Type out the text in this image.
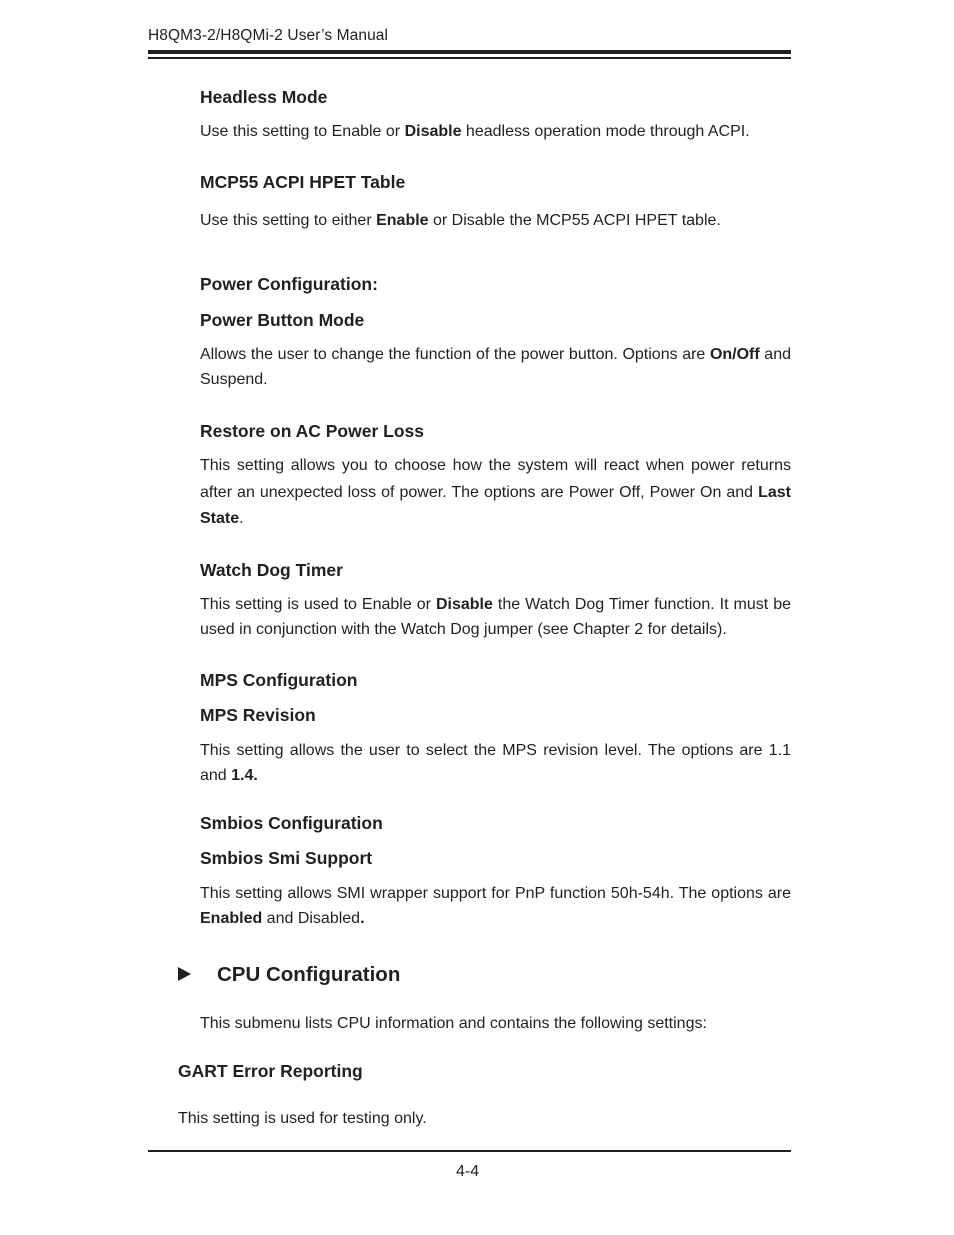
H8QM3-2/H8QMi-2 User’s Manual
Headless Mode
Use this setting to Enable or Disable headless operation mode through ACPI.
MCP55 ACPI HPET Table
Use this setting to either Enable or Disable the MCP55 ACPI HPET table.
Power Configuration:
Power Button Mode
Allows the user to change the function of the power button. Options are On/Off and Suspend.
Restore on AC Power Loss
This setting allows you to choose how the system will react when power returns after an unexpected loss of power. The options are Power Off, Power On and Last State.
Watch Dog Timer
This setting is used to Enable or Disable the Watch Dog Timer function. It must be used in conjunction with the Watch Dog jumper (see Chapter 2 for details).
MPS Configuration
MPS Revision
This setting allows the user to select the MPS revision level. The options are 1.1 and 1.4.
Smbios Configuration
Smbios Smi Support
This setting allows SMI wrapper support for PnP function 50h-54h. The options are Enabled and Disabled.
CPU Configuration
This submenu lists CPU information and contains the following settings:
GART Error Reporting
This setting is used for testing only.
4-4
